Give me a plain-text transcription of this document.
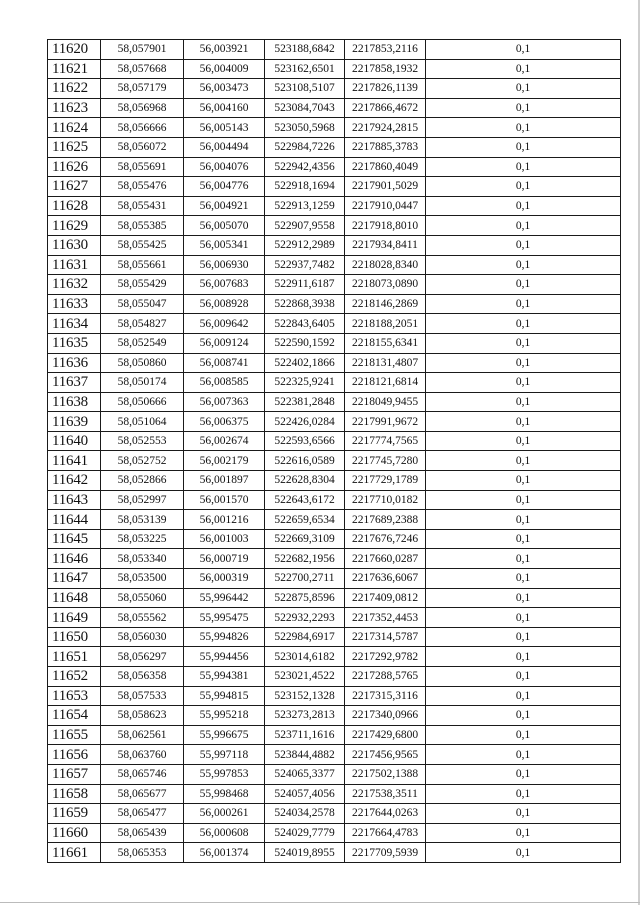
11620	58,057901	56,003921	523188,6842	2217853,2116	0,1
11621	58,057668	56,004009	523162,6501	2217858,1932	0,1
11622	58,057179	56,003473	523108,5107	2217826,1139	0,1
11623	58,056968	56,004160	523084,7043	2217866,4672	0,1
11624	58,056666	56,005143	523050,5968	2217924,2815	0,1
11625	58,056072	56,004494	522984,7226	2217885,3783	0,1
11626	58,055691	56,004076	522942,4356	2217860,4049	0,1
11627	58,055476	56,004776	522918,1694	2217901,5029	0,1
11628	58,055431	56,004921	522913,1259	2217910,0447	0,1
11629	58,055385	56,005070	522907,9558	2217918,8010	0,1
11630	58,055425	56,005341	522912,2989	2217934,8411	0,1
11631	58,055661	56,006930	522937,7482	2218028,8340	0,1
11632	58,055429	56,007683	522911,6187	2218073,0890	0,1
11633	58,055047	56,008928	522868,3938	2218146,2869	0,1
11634	58,054827	56,009642	522843,6405	2218188,2051	0,1
11635	58,052549	56,009124	522590,1592	2218155,6341	0,1
11636	58,050860	56,008741	522402,1866	2218131,4807	0,1
11637	58,050174	56,008585	522325,9241	2218121,6814	0,1
11638	58,050666	56,007363	522381,2848	2218049,9455	0,1
11639	58,051064	56,006375	522426,0284	2217991,9672	0,1
11640	58,052553	56,002674	522593,6566	2217774,7565	0,1
11641	58,052752	56,002179	522616,0589	2217745,7280	0,1
11642	58,052866	56,001897	522628,8304	2217729,1789	0,1
11643	58,052997	56,001570	522643,6172	2217710,0182	0,1
11644	58,053139	56,001216	522659,6534	2217689,2388	0,1
11645	58,053225	56,001003	522669,3109	2217676,7246	0,1
11646	58,053340	56,000719	522682,1956	2217660,0287	0,1
11647	58,053500	56,000319	522700,2711	2217636,6067	0,1
11648	58,055060	55,996442	522875,8596	2217409,0812	0,1
11649	58,055562	55,995475	522932,2293	2217352,4453	0,1
11650	58,056030	55,994826	522984,6917	2217314,5787	0,1
11651	58,056297	55,994456	523014,6182	2217292,9782	0,1
11652	58,056358	55,994381	523021,4522	2217288,5765	0,1
11653	58,057533	55,994815	523152,1328	2217315,3116	0,1
11654	58,058623	55,995218	523273,2813	2217340,0966	0,1
11655	58,062561	55,996675	523711,1616	2217429,6800	0,1
11656	58,063760	55,997118	523844,4882	2217456,9565	0,1
11657	58,065746	55,997853	524065,3377	2217502,1388	0,1
11658	58,065677	55,998468	524057,4056	2217538,3511	0,1
11659	58,065477	56,000261	524034,2578	2217644,0263	0,1
11660	58,065439	56,000608	524029,7779	2217664,4783	0,1
11661	58,065353	56,001374	524019,8955	2217709,5939	0,1
